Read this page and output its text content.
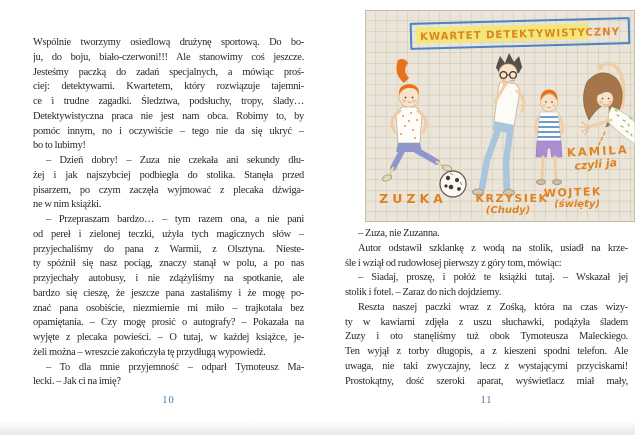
Wspólnie tworzymy osiedlową drużynę sportową. Do bo-
ju, do boju, biało-czerwoni!!! Ale stanowimy coś jeszcze.
Jesteśmy paczką do zadań specjalnych, a mówiąc proś-
ciej: detektywami. Kwartetem, który rozwiązuje tajemni-
ce i trudne zagadki. Śledztwa, podsłuchy, tropy, ślady…
Detektywistyczna praca nie jest nam obca. Robimy to, by
pomóc innym, no i oczywiście – tego nie da się ukryć –
bo to lubimy!
– Dzień dobry! – Zuza nie czekała ani sekundy dłu-
żej i jak najszybciej podbiegła do stolika. Stanęła przed
pisarzem, po czym zaczęła wyjmować z plecaka dźwiga-
ne w nim książki.
– Przepraszam bardzo… – tym razem ona, a nie pani
od pereł i zielonej teczki, użyła tych magicznych słów –
przyjechaliśmy do pana z Warmii, z Olsztyna. Nieste-
ty spóźnił się nasz pociąg, znaczy stanął w polu, a po nas
przyjechały autobusy, i nie zdążyliśmy na spotkanie, ale
bardzo się cieszę, że jeszcze pana zastaliśmy i że mogę po-
znać pana osobiście, niezmiernie mi miło – trajkotała bez
opamiętania. – Czy mogę prosić o autografy? – Pokazała na
wyjęte z plecaka powieści. – O tutaj, w każdej książce, je-
żeli można – wreszcie zakończyła tę przydługą wypowiedź.
– To dla mnie przyjemność – odparł Tymoteusz Ma-
lecki. – Jak ci na imię?
10
KWARTET DETEKTYWISTYCZNY
ZUZKA	KRZYSIEK
(Chudy)
WOJTEK
(święty)
KAMILA
czyli ja
– Zuza, nie Zuzanna.
Autor odstawił szklankę z wodą na stolik, usiadł na krze-
śle i wziął od rudowłosej pierwszy z góry tom, mówiąc:
– Siadaj, proszę, i połóż te książki tutaj. – Wskazał jej
stolik i fotel. – Zaraz do nich dojdziemy.
Reszta naszej paczki wraz z Zośką, która na czas wizy-
ty w kawiarni zdjęła z uszu słuchawki, podążyła śladem
Zuzy i oto stanęliśmy tuż obok Tymoteusza Maleckiego.
Ten wyjął z torby długopis, a z kieszeni spodni telefon. Ale
uwaga, nie taki zwyczajny, lecz z wystającymi przyciskami!
Prostokątny, dość szeroki aparat, wyświetlacz miał mały,
11
